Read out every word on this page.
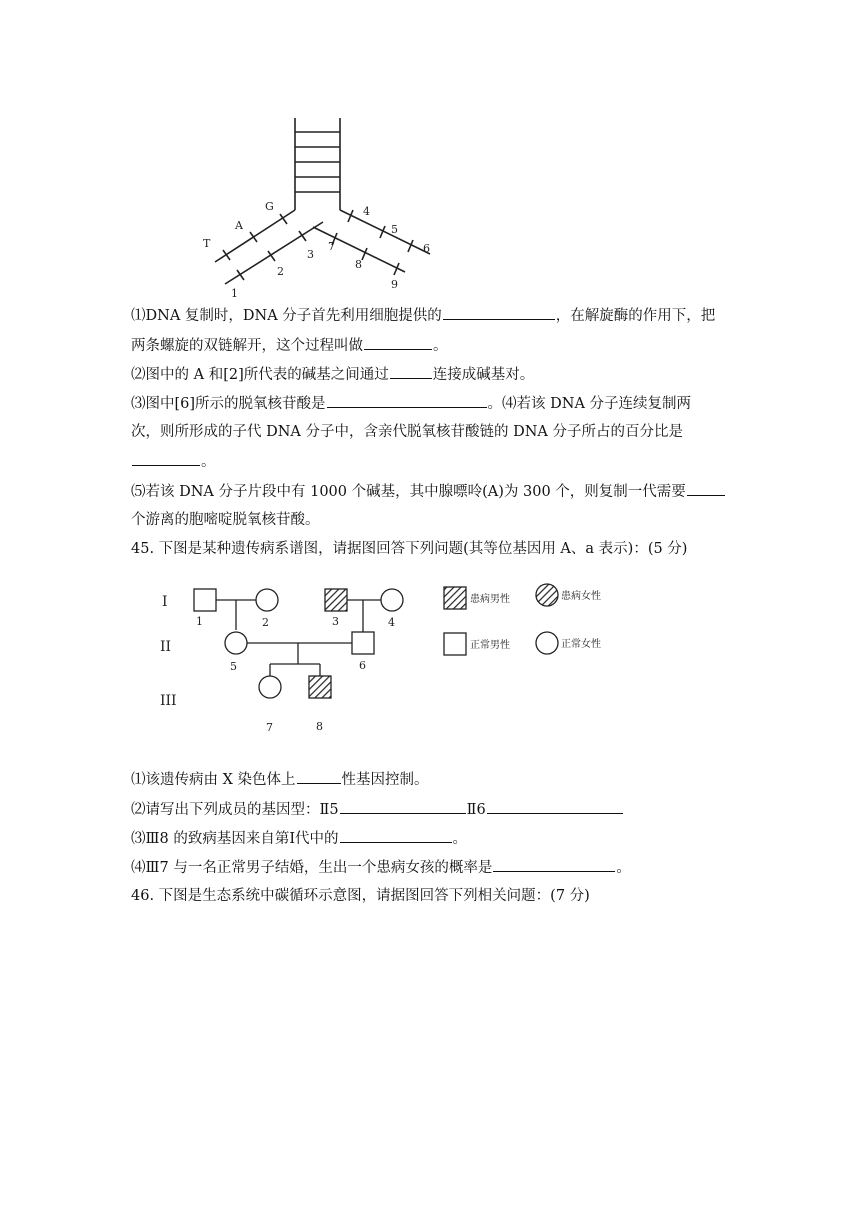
T
A
G
1
2
3
4
5
6
7
8
9
⑴DNA 复制时，DNA 分子首先利用细胞提供的	，在解旋酶的作用下，把
两条螺旋的双链解开，这个过程叫做	。
⑵图中的 A 和[2]所代表的碱基之间通过	连接成碱基对。
⑶图中[6]所示的脱氧核苷酸是	。⑷若该 DNA 分子连续复制两
次，则所形成的子代 DNA 分子中，含亲代脱氧核苷酸链的 DNA 分子所占的百分比是
。
⑸若该 DNA 分子片段中有 1000 个碱基，其中腺嘌呤(A)为 300 个，则复制一代需要
个游离的胞嘧啶脱氧核苷酸。
45. 下图是某种遗传病系谱图，请据图回答下列问题(其等位基因用 A、a 表示)：(5 分)
I
II
III
1	2	3	4
5	6
7	8
患病男性	患病女性
正常男性	正常女性
⑴该遗传病由 X 染色体上	性基因控制。
⑵请写出下列成员的基因型：Ⅱ5	Ⅱ6
⑶Ⅲ8 的致病基因来自第Ⅰ代中的	。
⑷Ⅲ7 与一名正常男子结婚，生出一个患病女孩的概率是	。
46. 下图是生态系统中碳循环示意图，请据图回答下列相关问题：(7 分)
